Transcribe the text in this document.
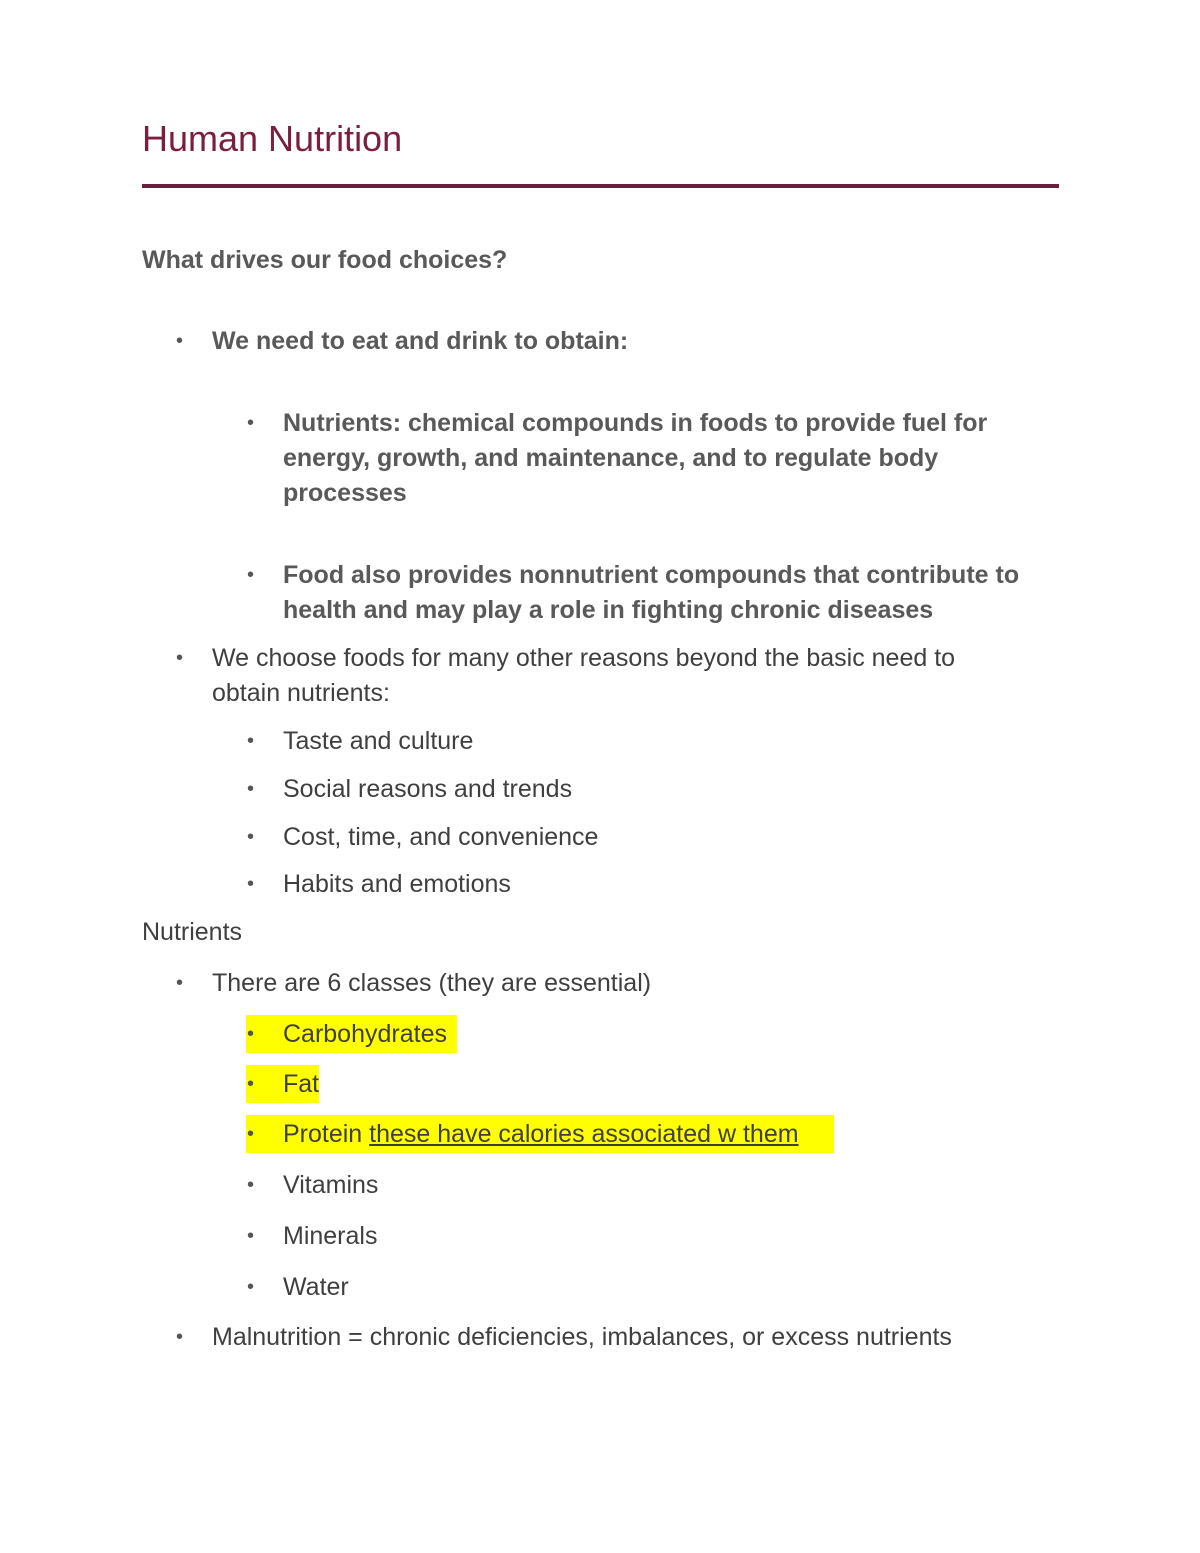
Human Nutrition
What drives our food choices?
• We need to eat and drink to obtain:
• Nutrients: chemical compounds in foods to provide fuel for
energy, growth, and maintenance, and to regulate body
processes
• Food also provides nonnutrient compounds that contribute to
health and may play a role in fighting chronic diseases
• We choose foods for many other reasons beyond the basic need to
obtain nutrients:
• Taste and culture
• Social reasons and trends
• Cost, time, and convenience
• Habits and emotions
Nutrients
• There are 6 classes (they are essential)
• Carbohydrates
• Fat
• Protein these have calories associated w them
• Vitamins
• Minerals
• Water
• Malnutrition = chronic deficiencies, imbalances, or excess nutrients
